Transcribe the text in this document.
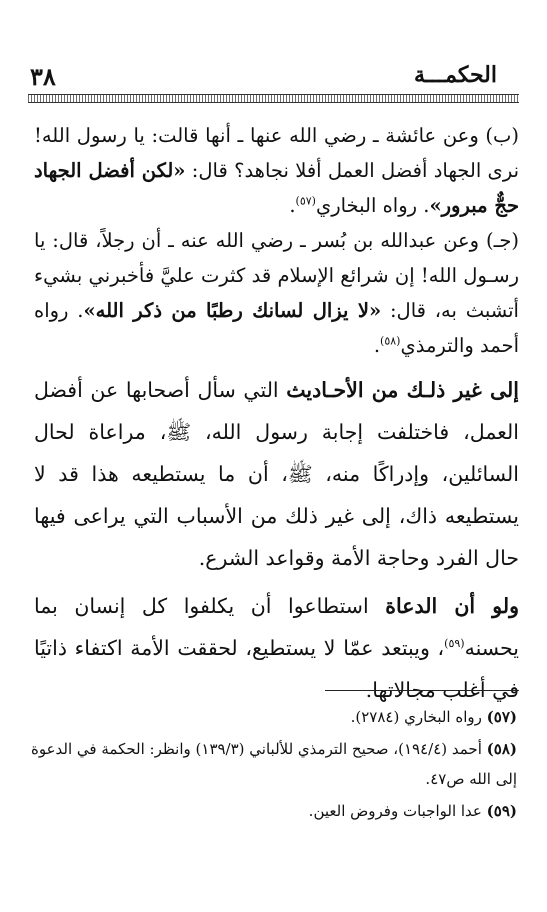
٣٨	الحكمـــة

(ب) وعن عائشة ـ رضي الله عنها ـ أنها قالت: يا رسول الله! نرى الجهاد أفضل العمل أفلا نجاهد؟ قال: «لكن أفضل الجهاد حجٌّ مبرور». رواه البخاري$^{(٥٧)}$.

(جـ) وعن عبدالله بن بُسر ـ رضي الله عنه ـ أن رجلاً، قال: يا رسـول الله! إن شرائع الإسلام قد كثرت عليَّ فأخبرني بشيء أتشبث به، قال: «لا يزال لسانك رطبًا من ذكر الله». رواه أحمد والترمذي$^{(٥٨)}$.

إلى غير ذلـك من الأحـاديث التي سأل أصحابها عن أفضل العمل، فاختلفت إجابة رسول الله، ﷺ، مراعاة لحال السائلين، وإدراكًا منه، ﷺ، أن ما يستطيعه هذا قد لا يستطيعه ذاك، إلى غير ذلك من الأسباب التي يراعى فيها حال الفرد وحاجة الأمة وقواعد الشرع.

ولو أن الدعاة استطاعوا أن يكلفوا كل إنسان بما يحسنه$^{(٥٩)}$، ويبتعد عمّا لا يستطيع، لحققت الأمة اكتفاء ذاتيًا في أغلب مجالاتها.

(٥٧) رواه البخاري (٢٧٨٤).

(٥٨) أحمد (١٩٤/٤)، صحيح الترمذي للألباني (١٣٩/٣) وانظر: الحكمة في الدعوة إلى الله ص٤٧.

(٥٩) عدا الواجبات وفروض العين.
